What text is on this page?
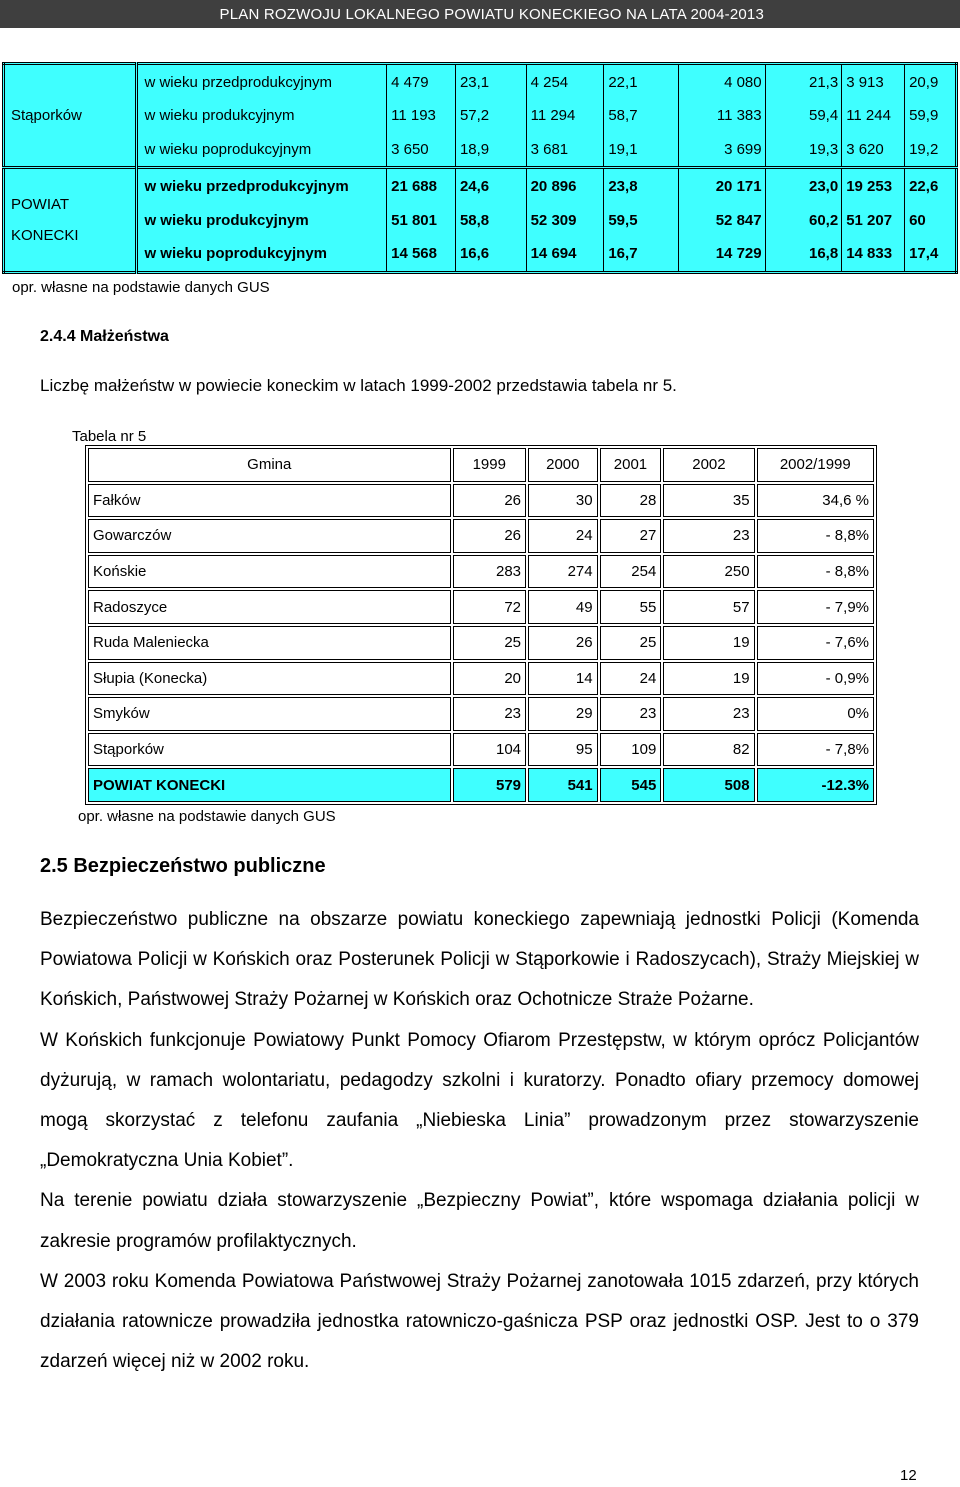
PLAN ROZWOJU LOKALNEGO POWIATU KONECKIEGO NA LATA 2004-2013
Stąporków	w wieku przedprodukcyjnym	4 479	23,1	4 254	22,1	4 080	21,3	3 913	20,9
	w wieku produkcyjnym	11 193	57,2	11 294	58,7	11 383	59,4	11 244	59,9
	w wieku poprodukcyjnym	3 650	18,9	3 681	19,1	3 699	19,3	3 620	19,2

POWIAT
KONECKI	w wieku przedprodukcyjnym	21 688	24,6	20 896	23,8	20 171	23,0	19 253	22,6
	w wieku produkcyjnym	51 801	58,8	52 309	59,5	52 847	60,2	51 207	60
	w wieku poprodukcyjnym	14 568	16,6	14 694	16,7	14 729	16,8	14 833	17,4
opr. własne na podstawie danych GUS
2.4.4 Małżeństwa
Liczbę małżeństw w powiecie koneckim w latach 1999-2002 przedstawia tabela nr 5.
Tabela nr 5
Gmina	1999	2000	2001	2002	2002/1999
Fałków	26	30	28	35	34,6 %
Gowarczów	26	24	27	23	- 8,8%
Końskie	283	274	254	250	- 8,8%
Radoszyce	72	49	55	57	- 7,9%
Ruda Maleniecka	25	26	25	19	- 7,6%
Słupia (Konecka)	20	14	24	19	- 0,9%
Smyków	23	29	23	23	0%
Stąporków	104	95	109	82	- 7,8%
POWIAT KONECKI	579	541	545	508	-12.3%
opr. własne na podstawie danych GUS
2.5 Bezpieczeństwo publiczne

Bezpieczeństwo publiczne na obszarze powiatu koneckiego zapewniają jednostki Policji (Komenda Powiatowa Policji w Końskich oraz Posterunek Policji w Stąporkowie i Radoszycach), Straży Miejskiej w Końskich, Państwowej Straży Pożarnej w Końskich oraz Ochotnicze Straże Pożarne.

W Końskich funkcjonuje Powiatowy Punkt Pomocy Ofiarom Przestępstw, w którym oprócz Policjantów dyżurują, w ramach wolontariatu, pedagodzy szkolni i kuratorzy. Ponadto ofiary przemocy domowej mogą skorzystać z telefonu zaufania „Niebieska Linia” prowadzonym przez stowarzyszenie „Demokratyczna Unia Kobiet”.

Na terenie powiatu działa stowarzyszenie „Bezpieczny Powiat”, które wspomaga działania policji w zakresie programów profilaktycznych.

W 2003 roku Komenda Powiatowa Państwowej Straży Pożarnej zanotowała 1015 zdarzeń, przy których działania ratownicze prowadziła jednostka ratowniczo-gaśnicza PSP oraz jednostki OSP. Jest to o 379 zdarzeń więcej niż w 2002 roku.

12
